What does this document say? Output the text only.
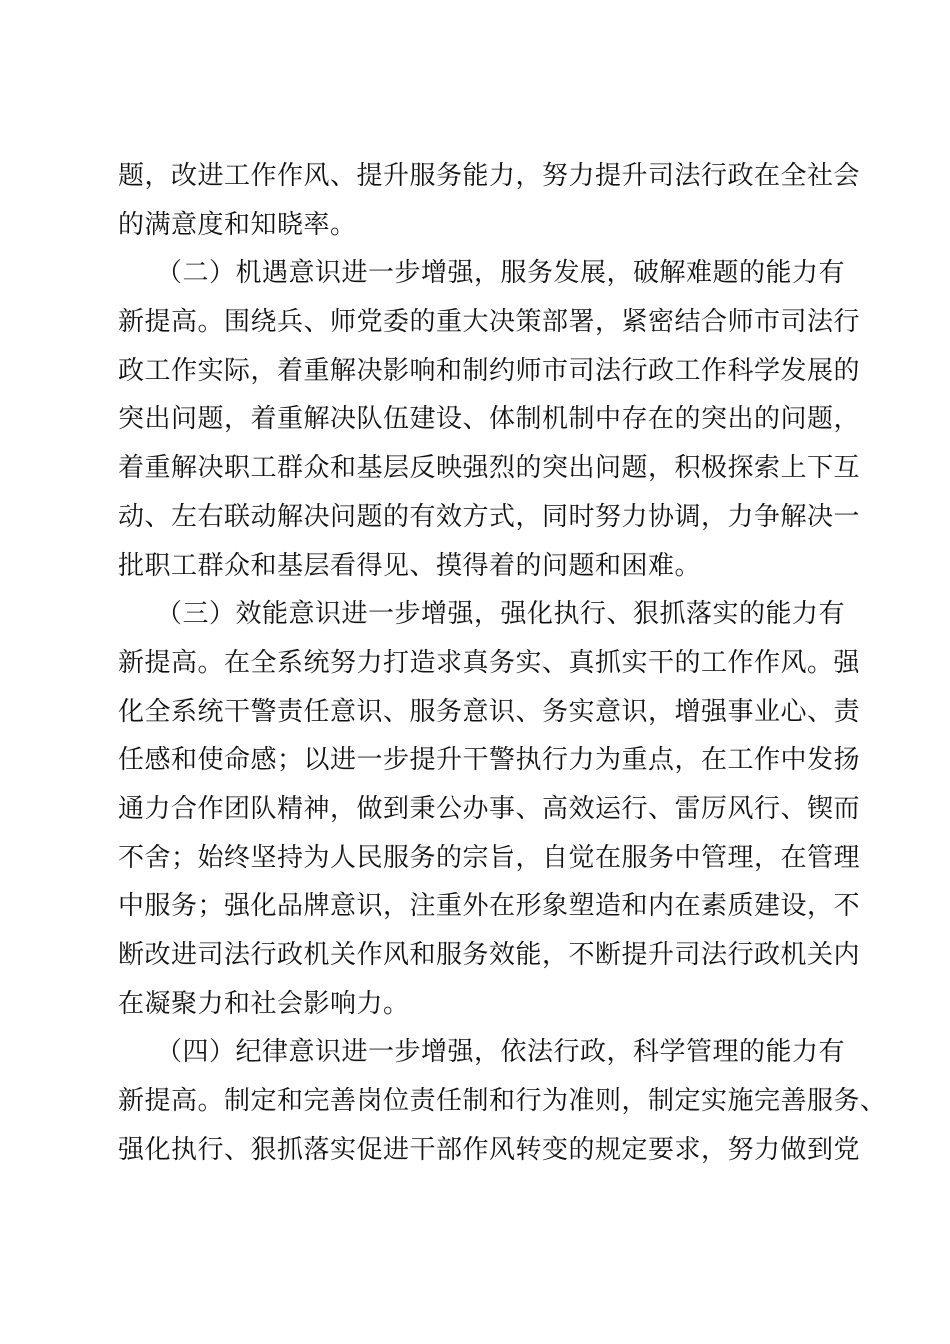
题，改进工作作风、提升服务能力，努力提升司法行政在全社会
的满意度和知晓率。
（二）机遇意识进一步增强，服务发展，破解难题的能力有
新提高。围绕兵、师党委的重大决策部署，紧密结合师市司法行
政工作实际，着重解决影响和制约师市司法行政工作科学发展的
突出问题，着重解决队伍建设、体制机制中存在的突出的问题，
着重解决职工群众和基层反映强烈的突出问题，积极探索上下互
动、左右联动解决问题的有效方式，同时努力协调，力争解决一
批职工群众和基层看得见、摸得着的问题和困难。
（三）效能意识进一步增强，强化执行、狠抓落实的能力有
新提高。在全系统努力打造求真务实、真抓实干的工作作风。强
化全系统干警责任意识、服务意识、务实意识，增强事业心、责
任感和使命感；以进一步提升干警执行力为重点，在工作中发扬
通力合作团队精神，做到秉公办事、高效运行、雷厉风行、锲而
不舍；始终坚持为人民服务的宗旨，自觉在服务中管理，在管理
中服务；强化品牌意识，注重外在形象塑造和内在素质建设，不
断改进司法行政机关作风和服务效能，不断提升司法行政机关内
在凝聚力和社会影响力。
（四）纪律意识进一步增强，依法行政，科学管理的能力有
新提高。制定和完善岗位责任制和行为准则，制定实施完善服务、
强化执行、狠抓落实促进干部作风转变的规定要求，努力做到党
